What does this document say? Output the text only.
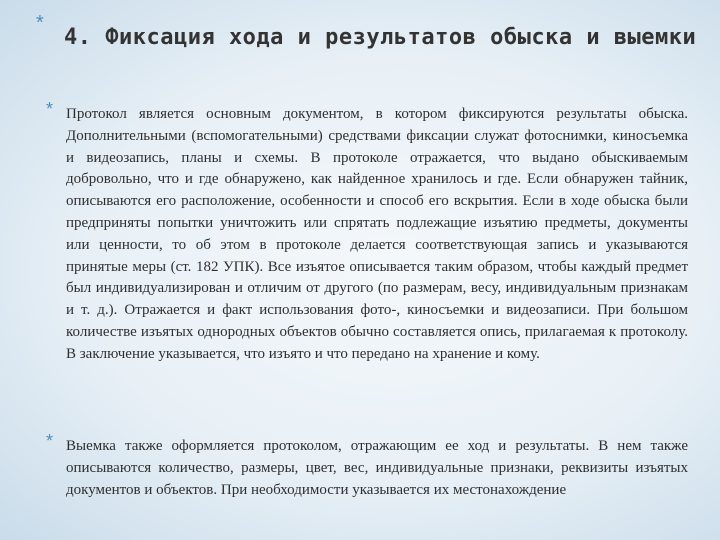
*
4. Фиксация хода и результатов обыска и выемки
* Протокол является основным документом, в котором фиксируются результаты обыска. Дополнительными (вспомогательными) средствами фиксации служат фотоснимки, киносъемка и видеозапись, планы и схемы. В протоколе отражается, что выдано обыскиваемым добровольно, что и где обнаружено, как найденное хранилось и где. Если обнаружен тайник, описываются его расположение, особенности и способ его вскрытия. Если в ходе обыска были предприняты попытки уничтожить или спрятать подлежащие изъятию предметы, документы или ценности, то об этом в протоколе делается соответствующая запись и указываются принятые меры (ст. 182 УПК). Все изъятое описывается таким образом, чтобы каждый предмет был индивидуализирован и отличим от другого (по размерам, весу, индивидуальным признакам и т. д.). Отражается и факт использования фото-, киносъемки и видеозаписи. При большом количестве изъятых однородных объектов обычно составляется опись, прилагаемая к протоколу. В заключение указывается, что изъято и что передано на хранение и кому.
* Выемка также оформляется протоколом, отражающим ее ход и результаты. В нем также описываются количество, размеры, цвет, вес, индивидуальные признаки, реквизиты изъятых документов и объектов. При необходимости указывается их местонахождение
